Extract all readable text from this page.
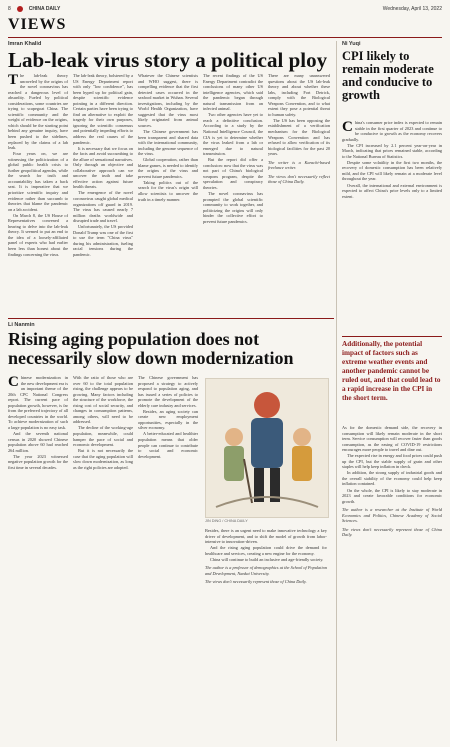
8	CHINA DAILY	Wednesday, April 13, 2022
VIEWS
Imran Khalid
Lab-leak virus story a political ploy
T he lab-leak theory unraveled by the origins of the novel coronavirus has reached a dangerous level of absurdity. Fueled by political considerations, some countries are trying to scapegoat China. The scientific community and the weight of evidence on the origins, which should be the starting point behind any genuine inquiry, have been pushed to the sidelines, replaced by the claims of a lab leak.

Four years on, we are witnessing the politicization of a global public health crisis to further geopolitical agendas, while the search for truth and accountability has taken a back seat. It is imperative that we prioritize scientific inquiry and evidence rather than succumb to theories that blame the pandemic on a lab accident.

On March 8, the US House of Representatives convened a hearing to delve into the lab-leak theory. It seemed to put an end to the idea of a loosely-affiliated panel of experts who had earlier been less than honest about the findings concerning the virus.

The lab-leak theory, bolstered by a US Energy Department report with only "low confidence", has been hyped up for political gain, despite scientific evidence pointing in a different direction. Certain parties have been trying to find an alternative to exploit the tragedy for their own purposes, ignoring the scientific consensus and potentially impeding efforts to address the real causes of the pandemic.

It is necessary that we focus on the facts and avoid succumbing to the allure of sensational narratives. Only through an objective and collaborative approach can we uncover the truth and take effective action against future health threats.

The emergence of the novel coronavirus caught global medical organizations off guard in 2019. The virus has caused nearly 7 million deaths worldwide and disrupted trade and travel.

Unfortunately, the US provided Donald Trump was one of the first to use the term "China virus" during his administration, fueling racial tensions during the pandemic.

Whatever the Chinese scientists and WHO suggest, there is compelling evidence that the first detected cases occurred in the seafood market in Wuhan. Several investigations, including by the World Health Organization, have suggested that the virus most likely originated from animal sources.

The Chinese government has been transparent and shared data with the international community, including the genome sequence of the virus.

Global cooperation, rather than blame games, is needed to identify the origins of the virus and prevent future pandemics.

Taking politics out of the search for the virus's origin will allow scientists to uncover the truth in a timely manner.

The recent findings of the US Energy Department contradict the conclusions of many other US intelligence agencies, which said the pandemic began through natural transmission from an infected animal.

Two other agencies have yet to reach a definitive conclusion. According to a study by the National Intelligence Council, the CIA is yet to determine whether the virus leaked from a lab or emerged due to natural transmission.

But the report did offer a conclusion: now that the virus was not part of China's biological weapons program, despite the speculation and conspiracy theories.

The novel coronavirus has prompted the global scientific community to work together, and politicizing the origins will only hinder the collective effort to prevent future pandemics.

There are many unanswered questions about the US lab-leak theory and about whether these labs, including Fort Detrick, comply with the Biological Weapons Convention, and to what extent they pose a potential threat to human safety.

The US has been opposing the establishment of a verification mechanism for the Biological Weapons Convention and has refused to allow verification of its biological facilities for the past 20 years.

The writer is a Karachi-based freelance writer.

The views don't necessarily reflect those of China Daily.

Li Nanmin
Rising aging population does not necessarily slow down modernization
C hinese modernization in the new development era is an important theme of the 20th CPC National Congress report. The current pace of population growth, however, is far from the preferred trajectory of all developed countries in the world. To achieve modernization of such a large population is no easy task.

And the seventh national census in 2020 showed Chinese population above 60 had reached 264 million.

The year 2023 witnessed negative population growth for the first time in several decades.

With the ratio of those who are over 60 to the total population rising, the challenge appears to be growing. Many factors including the structure of the workforce, the rising cost of social security, and changes in consumption patterns, among others, will need to be addressed.

The decline of the working-age population, meanwhile, could hamper the pace of social and economic development.

But it is not necessarily the case that the aging population will slow down modernization, as long as the right policies are adopted.

The Chinese government has proposed a strategy to actively respond to population aging, and has issued a series of policies to promote the development of the elderly care industry and services.

Besides, an aging society can create new employment opportunities, especially in the silver economy.

A better-educated and healthier population means that older people can continue to contribute to social and economic development.

JIN DING / CHINA DAILY

Besides, there is an urgent need to make innovative technology a key driver of development, and to shift the model of growth from labor-intensive to innovation-driven.

And the rising aging population could drive the demand for healthcare and services, creating a new engine for the economy.

China will continue to build an inclusive and age-friendly society.

The author is a professor of demographics at the School of Population and Development, Nankai University.

The views don't necessarily represent those of China Daily.

Ni Yuqi
CPI likely to remain moderate and conducive to growth
C hina's consumer price index is expected to remain stable in the first quarter of 2023 and continue to be conducive to growth as the economy recovers gradually.

The CPI increased by 2.1 percent year-on-year in March, indicating that prices remained stable, according to the National Bureau of Statistics.

Despite some volatility in the first two months, the recovery of domestic consumption has been relatively mild, and the CPI will likely remain at a moderate level throughout the year.

Overall, the international and external environment is expected to affect China's price levels only to a limited extent.

Additionally, the potential impact of factors such as extreme weather events and another pandemic cannot be ruled out, and that could lead to a rapid increase in the CPI in the short term.

As for the domestic demand side, the recovery in consumption will likely remain moderate in the short term. Service consumption will recover faster than goods consumption, as the easing of COVID-19 restrictions encourages more people to travel and dine out.

The expected rise in energy and food prices could push up the CPI, but the stable supply of grain and other staples will help keep inflation in check.

In addition, the strong supply of industrial goods and the overall stability of the economy could help keep inflation contained.

On the whole, the CPI is likely to stay moderate in 2023 and create favorable conditions for economic growth.

The author is a researcher at the Institute of World Economics and Politics, Chinese Academy of Social Sciences.

The views don't necessarily represent those of China Daily.
